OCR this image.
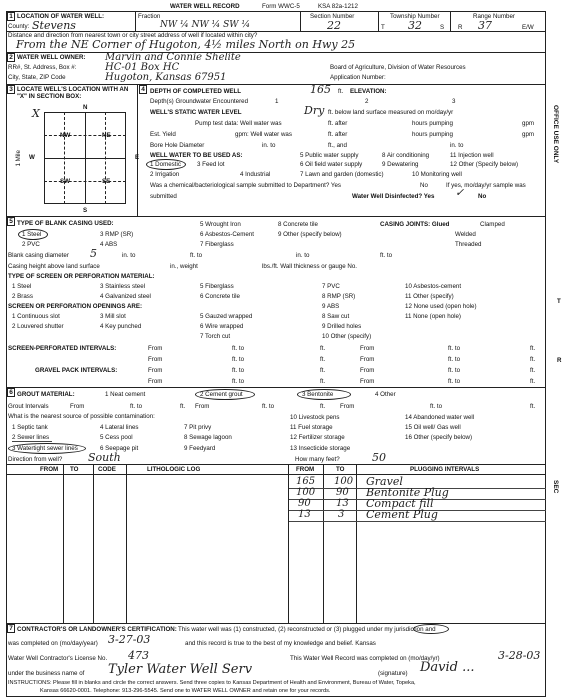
WATER WELL RECORD	Form WWC-5	KSA 82a-1212
1 LOCATION OF WATER WELL:
County: Stevens
Fraction
NW ¼ NW ¼ SW ¼
Section Number
22
Township Number
T 32	S
Range Number
R 37	E/W
Distance and direction from nearest town or city street address of well if located within city?
From the NE Corner of Hugoton, 4½ miles North on Hwy 25
2 WATER WELL OWNER: Marvin and Connie Shelite
RR#, St. Address, Box #:	HC-01 Box HC
City, State, ZIP Code	Hugoton, Kansas 67951
Board of Agriculture, Division of Water Resources
Application Number:
3 LOCATE WELL'S LOCATION WITH AN "X" IN SECTION BOX:
N
S
W	E
X
NW	NE
SW	SE
1 Mile
4 DEPTH OF COMPLETED WELL	165 ft. ELEVATION:
Depth(s) Groundwater Encountered	1	2	3
WELL'S STATIC WATER LEVEL	Dry ft. below land surface measured on mo/day/yr
Pump test data: Well water was	ft. after	hours pumping	gpm
Est. Yield	gpm: Well water was	ft. after	hours pumping	gpm
Bore Hole Diameter	in. to	ft., and	in. to
WELL WATER TO BE USED AS:
1 Domestic	3 Feed lot
5 Public water supply	8 Air conditioning	11 Injection well
2 Irrigation	4 Industrial
6 Oil field water supply	9 Dewatering	12 Other (Specify below)
7 Lawn and garden (domestic)	10 Monitoring well
Was a chemical/bacteriological sample submitted to Department? Yes	No	If yes, mo/day/yr sample was
submitted	Water Well Disinfected? Yes	No
✓
5 TYPE OF BLANK CASING USED:
1 Steel	3 RMP (SR)
5 Wrought Iron	8 Concrete tile
2 PVC	4 ABS
6 Asbestos-Cement	9 Other (specify below)
7 Fiberglass
CASING JOINTS: Glued	Clamped
Welded
Threaded
Blank casing diameter 5	in. to	ft. to	in. to	ft. to
Casing height above land surface	in., weight	lbs./ft. Wall thickness or gauge No.
TYPE OF SCREEN OR PERFORATION MATERIAL:
1 Steel	3 Stainless steel	5 Fiberglass	7 PVC	10 Asbestos-cement
2 Brass	4 Galvanized steel	6 Concrete tile	8 RMP (SR)	11 Other (specify)
9 ABS	12 None used (open hole)
SCREEN OR PERFORATION OPENINGS ARE:
1 Continuous slot	3 Mill slot	5 Gauzed wrapped	8 Saw cut	11 None (open hole)
2 Louvered shutter	4 Key punched	6 Wire wrapped	9 Drilled holes
7 Torch cut	10 Other (specify)
SCREEN-PERFORATED INTERVALS:	From	ft. to	ft.	From	ft. to	ft.
From	ft. to	ft.	From	ft. to	ft.
GRAVEL PACK INTERVALS:	From	ft. to	ft.	From	ft. to	ft.
From	ft. to	ft.	From	ft. to	ft.
6 GROUT MATERIAL:	1 Neat cement	2 Cement grout	3 Bentonite	4 Other
Grout Intervals	From	ft. to	ft. From	ft. to	ft. From	ft. to	ft.
What is the nearest source of possible contamination:
1 Septic tank	4 Lateral lines	7 Pit privy
10 Livestock pens	14 Abandoned water well
2 Sewer lines	5 Cess pool	8 Sewage lagoon
11 Fuel storage	15 Oil well/ Gas well
3 Watertight sewer lines	6 Seepage pit	9 Feedyard
12 Fertilizer storage	16 Other (specify below)
13 Insecticide storage
Direction from well? South	How many feet?	50
FROM TO	CODE	LITHOLOGIC LOG	FROM	TO	PLUGGING INTERVALS
165 100 Gravel
100 90 Bentonite Plug
90	13 Compact fill
13	3 Cement Plug
7 CONTRACTOR'S OR LANDOWNER'S CERTIFICATION: This water well was (1) constructed, (2) reconstructed or (3) plugged under my jurisdiction and
was completed on (mo/day/year) 3-27-03	and this record is true to the best of my knowledge and belief. Kansas
Water Well Contractor's License No. 473	This Water Well Record was completed on (mo/day/yr)	3-28-03
under the business name of Tyler Water Well Serv	(signature) David ...
INSTRUCTIONS: Please fill in blanks and circle the correct answers. Send three copies to Kansas Department of Health and Environment, Bureau of Water, Topeka,
Kansas 66620-0001. Telephone: 913-296-5545. Send one to WATER WELL OWNER and retain one for your records.
OFFICE USE ONLY
T
R
SEC
